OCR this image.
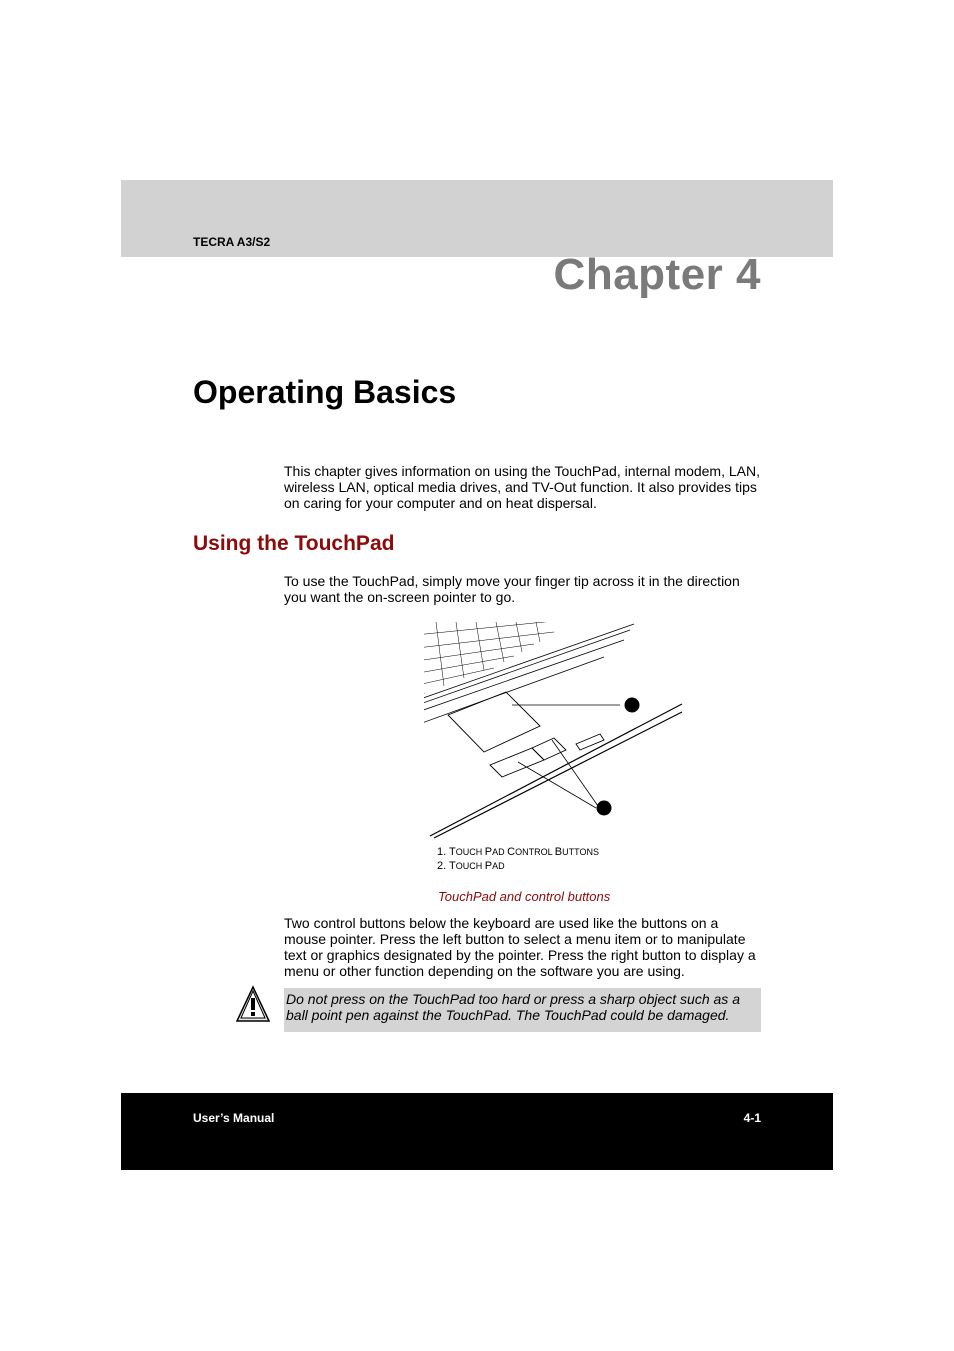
TECRA A3/S2
Chapter 4
Operating Basics

This chapter gives information on using the TouchPad, internal modem, LAN, wireless LAN, optical media drives, and TV-Out function. It also provides tips on caring for your computer and on heat dispersal.

Using the TouchPad

To use the TouchPad, simply move your finger tip across it in the direction you want the on-screen pointer to go.

1. TOUCH PAD CONTROL BUTTONS
2. TOUCH PAD
TouchPad and control buttons

Two control buttons below the keyboard are used like the buttons on a mouse pointer. Press the left button to select a menu item or to manipulate text or graphics designated by the pointer. Press the right button to display a menu or other function depending on the software you are using.

Do not press on the TouchPad too hard or press a sharp object such as a ball point pen against the TouchPad. The TouchPad could be damaged.
User’s Manual	4-1
